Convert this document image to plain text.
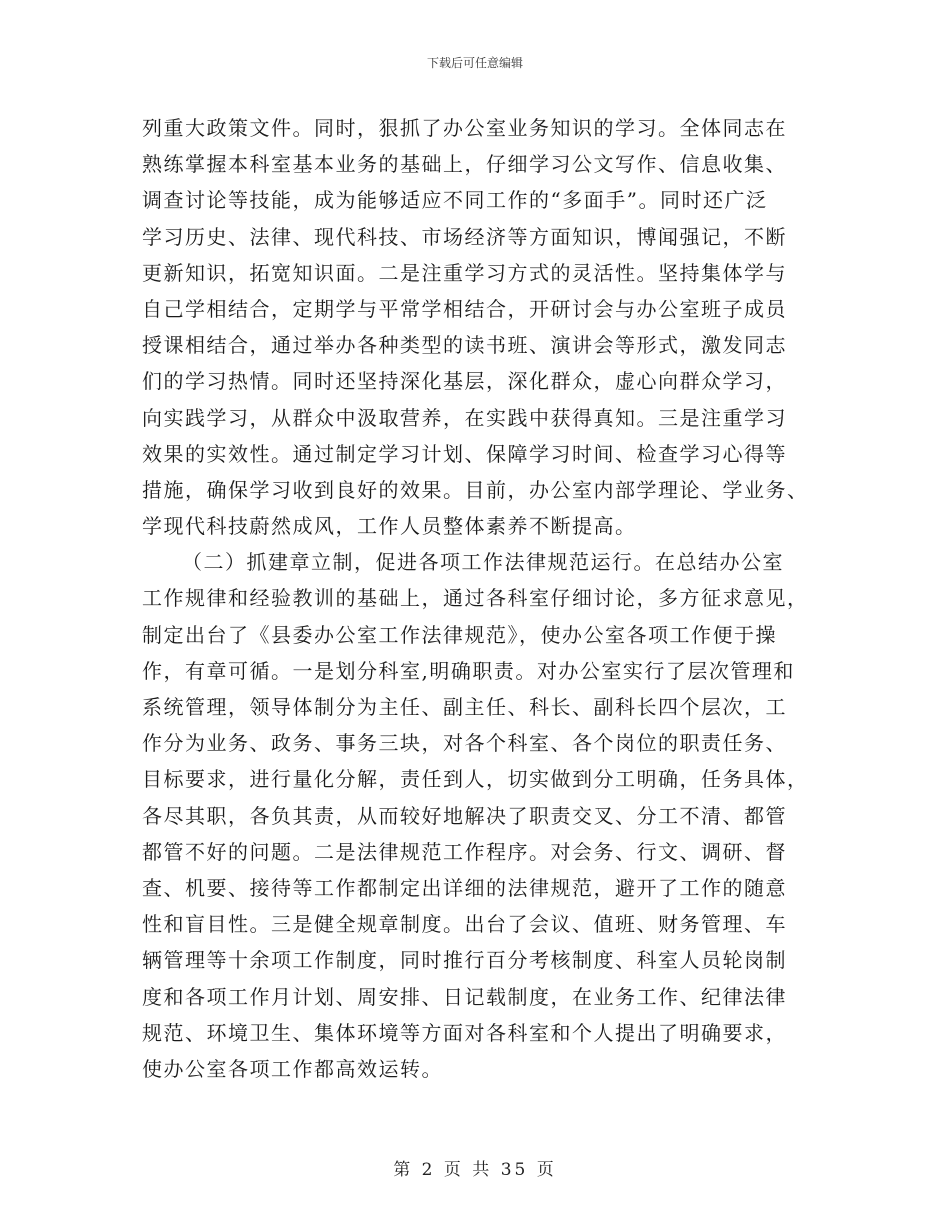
下载后可任意编辑
列重大政策文件。同时，狠抓了办公室业务知识的学习。全体同志在
熟练掌握本科室基本业务的基础上，仔细学习公文写作、信息收集、
调查讨论等技能，成为能够适应不同工作的“多面手”。同时还广泛
学习历史、法律、现代科技、市场经济等方面知识，博闻强记，不断
更新知识，拓宽知识面。二是注重学习方式的灵活性。坚持集体学与
自己学相结合，定期学与平常学相结合，开研讨会与办公室班子成员
授课相结合，通过举办各种类型的读书班、演讲会等形式，激发同志
们的学习热情。同时还坚持深化基层，深化群众，虚心向群众学习，
向实践学习，从群众中汲取营养，在实践中获得真知。三是注重学习
效果的实效性。通过制定学习计划、保障学习时间、检查学习心得等
措施，确保学习收到良好的效果。目前，办公室内部学理论、学业务、
学现代科技蔚然成风，工作人员整体素养不断提高。
（二）抓建章立制，促进各项工作法律规范运行。在总结办公室
工作规律和经验教训的基础上，通过各科室仔细讨论，多方征求意见，
制定出台了《县委办公室工作法律规范》，使办公室各项工作便于操
作，有章可循。一是划分科室,明确职责。对办公室实行了层次管理和
系统管理，领导体制分为主任、副主任、科长、副科长四个层次，工
作分为业务、政务、事务三块，对各个科室、各个岗位的职责任务、
目标要求，进行量化分解，责任到人，切实做到分工明确，任务具体，
各尽其职，各负其责，从而较好地解决了职责交叉、分工不清、都管
都管不好的问题。二是法律规范工作程序。对会务、行文、调研、督
查、机要、接待等工作都制定出详细的法律规范，避开了工作的随意
性和盲目性。三是健全规章制度。出台了会议、值班、财务管理、车
辆管理等十余项工作制度，同时推行百分考核制度、科室人员轮岗制
度和各项工作月计划、周安排、日记载制度，在业务工作、纪律法律
规范、环境卫生、集体环境等方面对各科室和个人提出了明确要求，
使办公室各项工作都高效运转。
第 2 页 共 35 页
